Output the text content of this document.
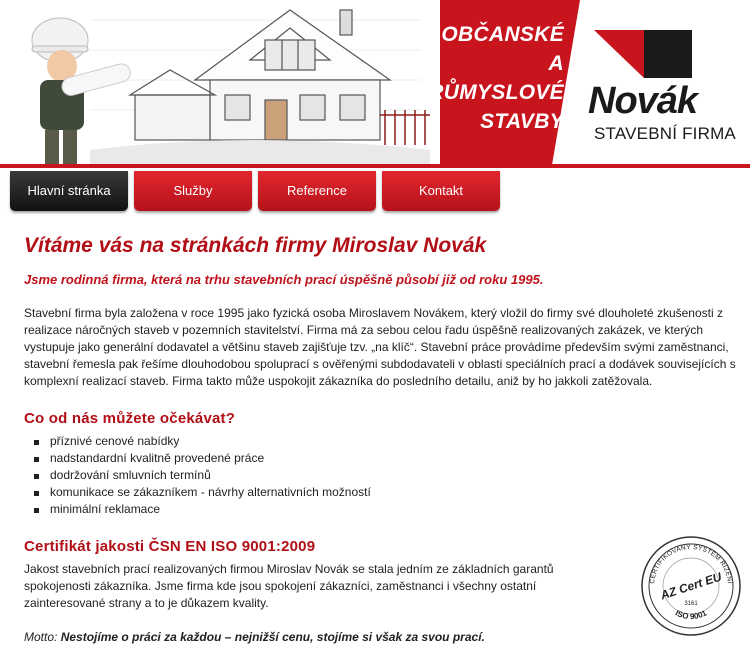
OBČANSKÉ
A PRŮMYSLOVÉ
STAVBY Novák
STAVEBNÍ FIRMA
Hlavní stránka	Služby	Reference	Kontakt
Vítáme vás na stránkách firmy Miroslav Novák

Jsme rodinná firma, která na trhu stavebních prací úspěšně působí již od roku 1995.

Stavební firma byla založena v roce 1995 jako fyzická osoba Miroslavem Novákem, který vložil do firmy své dlouholeté zkušenosti z realizace náročných staveb v pozemních stavitelství. Firma má za sebou celou řadu úspěšně realizovaných zakázek, ve kterých vystupuje jako generální dodavatel a většinu staveb zajišťuje tzv. „na klíč“. Stavební práce provádíme především svými zaměstnanci, stavební řemesla pak řešíme dlouhodobou spoluprací s ověřenými subdodavateli v oblasti speciálních prací a dodávek souvisejících s komplexní realizací staveb. Firma takto může uspokojit zákazníka do posledního detailu, aniž by ho jakkoli zatěžovala.

Co od nás můžete očekávat?
příznivé cenové nabídky
nadstandardní kvalitně provedené práce
dodržování smluvních termínů
komunikace se zákazníkem - návrhy alternativních možností
minimální reklamace
Certifikát jakosti ČSN EN ISO 9001:2009

Jakost stavebních prací realizovaných firmou Miroslav Novák se stala jedním ze základních garantů spokojenosti zákazníka. Jsme firma kde jsou spokojení zákazníci, zaměstnanci i všechny ostatní zainteresované strany a to je důkazem kvality.

Motto: Nestojíme o práci za každou – nejnižší cenu, stojíme si však za svou prací.

CERTIFIKOVANÝ SYSTÉM ŘÍZENÍ
AZ Cert EU
3161
ISO 9001
